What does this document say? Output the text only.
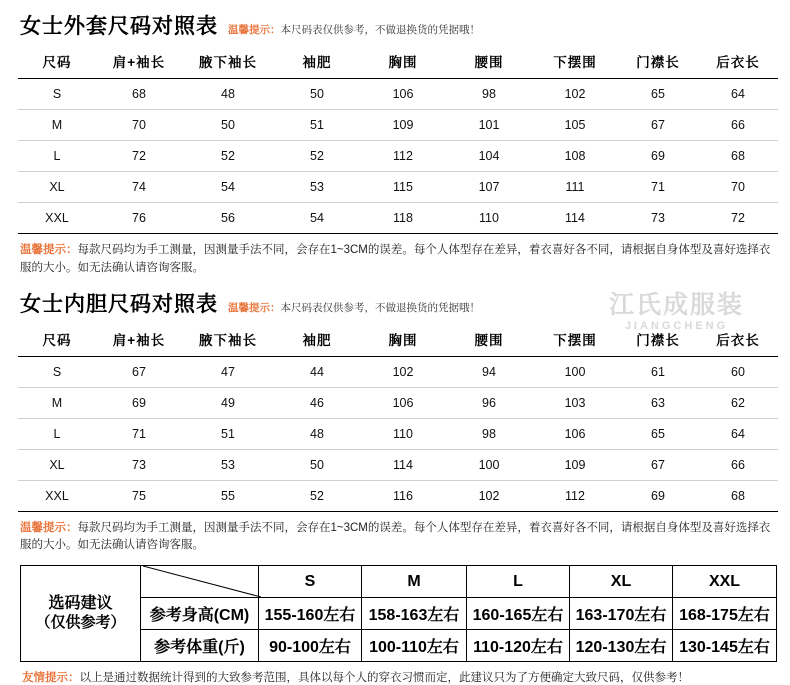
女士外套尺码对照表 温馨提示：本尺码表仅供参考，不做退换货的凭据哦！
尺码	肩+袖长	腋下袖长	袖肥	胸围	腰围	下摆围	门襟长	后衣长
S	68	48	50	106	98	102	65	64
M	70	50	51	109	101	105	67	66
L	72	52	52	112	104	108	69	68
XL	74	54	53	115	107	111	71	70
XXL	76	56	54	118	110	114	73	72
温馨提示：每款尺码均为手工测量，因测量手法不同，会存在1~3CM的误差。每个人体型存在差异，着衣喜好各不同，请根据自身体型及喜好选择衣服的大小。如无法确认请咨询客服。
女士内胆尺码对照表 温馨提示：本尺码表仅供参考，不做退换货的凭据哦！
尺码	肩+袖长	腋下袖长	袖肥	胸围	腰围	下摆围	门襟长	后衣长
S	67	47	44	102	94	100	61	60
M	69	49	46	106	96	103	63	62
L	71	51	48	110	98	106	65	64
XL	73	53	50	114	100	109	67	66
XXL	75	55	52	116	102	112	69	68
温馨提示：每款尺码均为手工测量，因测量手法不同，会存在1~3CM的误差。每个人体型存在差异，着衣喜好各不同，请根据自身体型及喜好选择衣服的大小。如无法确认请咨询客服。
选码建议
（仅供参考）		S	M	L	XL	XXL
	参考身高(CM)	155-160左右	158-163左右	160-165左右	163-170左右	168-175左右
	参考体重(斤)	90-100左右	100-110左右	110-120左右	120-130左右	130-145左右
友情提示：以上是通过数据统计得到的大致参考范围，具体以每个人的穿衣习惯而定，此建议只为了方便确定大致尺码，仅供参考！
江氏成服装
JIANGCHENG
